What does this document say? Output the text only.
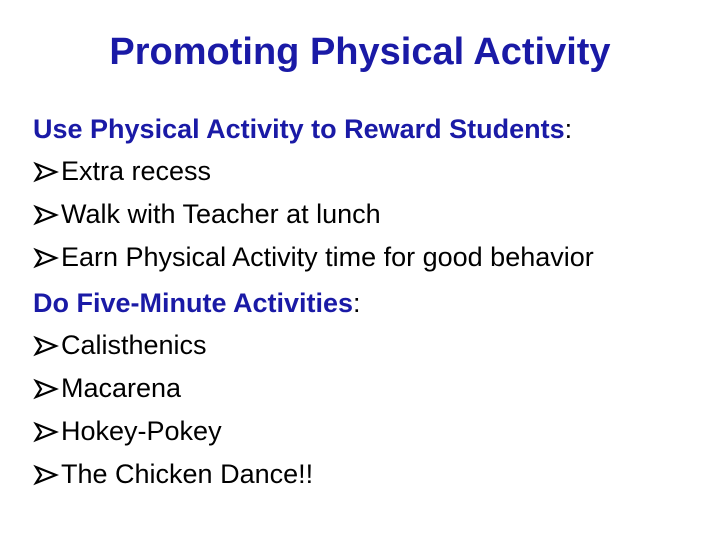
Promoting Physical Activity
Use Physical Activity to Reward Students:
Extra recess
Walk with Teacher at lunch
Earn Physical Activity time for good behavior
Do Five-Minute Activities:
Calisthenics
Macarena
Hokey-Pokey
The Chicken Dance!!
